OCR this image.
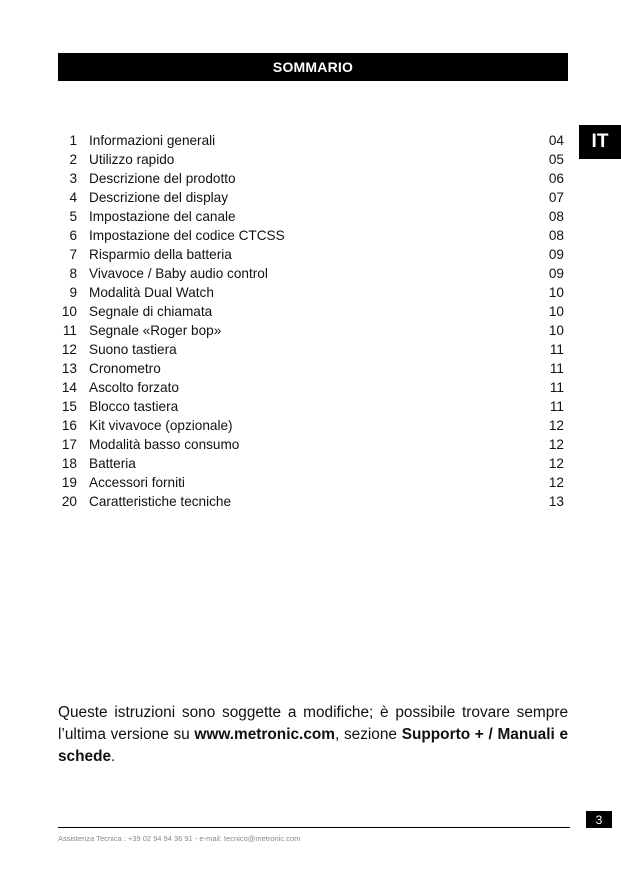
SOMMARIO
IT
1 Informazioni generali	04
2 Utilizzo rapido	05
3 Descrizione del prodotto	06
4 Descrizione del display	07
5 Impostazione del canale	08
6 Impostazione del codice CTCSS	08
7 Risparmio della batteria	09
8 Vivavoce / Baby audio control	09
9 Modalità Dual Watch	10
10 Segnale di chiamata	10
11 Segnale «Roger bop»	10
12 Suono tastiera	11
13 Cronometro	11
14 Ascolto forzato	11
15 Blocco tastiera	11
16 Kit vivavoce (opzionale)	12
17 Modalità basso consumo	12
18 Batteria	12
19 Accessori forniti	12
20 Caratteristiche tecniche	13
Queste istruzioni sono soggette a modifiche; è possibile trovare sempre l’ultima versione su www.metronic.com, sezione Supporto + / Manuali e schede.
3
Assistenza Tecnica : +39 02 94 94 36 91 - e-mail: tecnico@metronic.com
